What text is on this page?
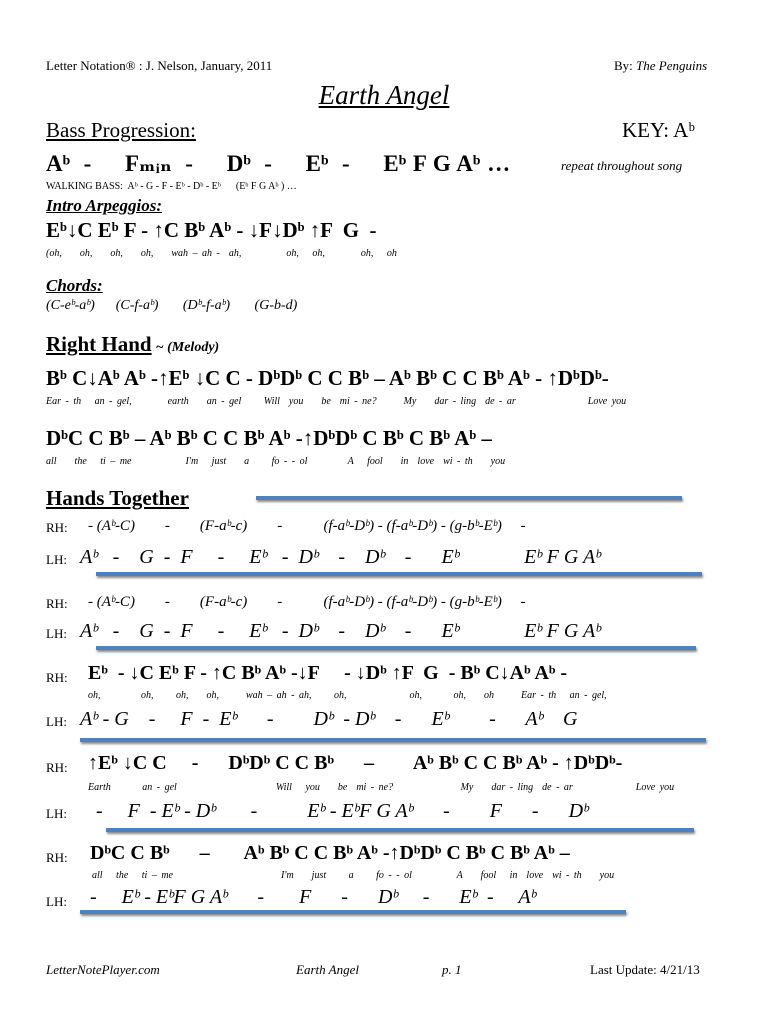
Letter Notation® : J. Nelson, January, 2011	By: The Penguins
Earth Angel
Bass Progression:	KEY: Aᵇ
Aᵇ  -     Fₘᵢₙ  -     Dᵇ  -     Eᵇ  -     Eᵇ F G Aᵇ …	repeat throughout song
WALKING BASS:  Aᵇ - G - F - Eᵇ - Dᵇ - Eᵇ      (Eᵇ F G Aᵇ ) …
Intro Arpeggios:
Eᵇ↓C Eᵇ F - ↑C Bᵇ Aᵇ - ↓F↓Dᵇ ↑F  G  -
(oh,    oh,    oh,    oh,    wah – ah -  ah,          oh,   oh,        oh,   oh
Chords:
(C-eᵇ-aᵇ)      (C-f-aᵇ)       (Dᵇ-f-aᵇ)       (G-b-d)
Right Hand ~ (Melody)
Bᵇ C↓Aᵇ Aᵇ -↑Eᵇ ↓C C - DᵇDᵇ C C Bᵇ – Aᵇ Bᵇ C C Bᵇ Aᵇ - ↑DᵇDᵇ-
Ear - th   an - gel,        earth    an - gel     Will  you    be  mi - ne?      My    dar - ling  de - ar                Love you
DᵇC C Bᵇ – Aᵇ Bᵇ C C Bᵇ Aᵇ -↑DᵇDᵇ C Bᵇ C Bᵇ Aᵇ –
all    the   ti – me            I'm   just    a     fo - - ol         A   fool    in  love  wi - th    you
Hands Together
RH: - (Aᵇ-C)        -        (F-aᵇ-c)        -           (f-aᵇ-Dᵇ) - (f-aᵇ-Dᵇ) - (g-bᵇ-Eᵇ)     -
LH: Aᵇ   -    G  -  F     -     Eᵇ   -  Dᵇ    -    Dᵇ    -      Eᵇ             Eᵇ F G Aᵇ
RH: - (Aᵇ-C)        -        (F-aᵇ-c)        -           (f-aᵇ-Dᵇ) - (f-aᵇ-Dᵇ) - (g-bᵇ-Eᵇ)     -
LH: Aᵇ   -    G  -  F     -     Eᵇ   -  Dᵇ    -    Dᵇ    -      Eᵇ             Eᵇ F G Aᵇ
RH: Eᵇ  - ↓C Eᵇ F - ↑C Bᵇ Aᵇ -↓F     - ↓Dᵇ ↑F  G  - Bᵇ C↓Aᵇ Aᵇ -
oh,         oh,     oh,    oh,      wah – ah - ah,     oh,              oh,       oh,    oh      Ear - th   an - gel,
LH: Aᵇ - G    -     F  -  Eᵇ      -        Dᵇ  - Dᵇ    -      Eᵇ        -      Aᵇ    G
RH: ↑Eᵇ ↓C C     -      DᵇDᵇ C C Bᵇ      –        Aᵇ Bᵇ C C Bᵇ Aᵇ - ↑DᵇDᵇ-
Earth       an - gel                      Will   you    be  mi - ne?               My    dar - ling  de - ar              Love you
LH: -     F  - Eᵇ - Dᵇ       -          Eᵇ - EᵇF G Aᵇ      -        F      -      Dᵇ
RH: DᵇC C Bᵇ      –       Aᵇ Bᵇ C C Bᵇ Aᵇ -↑DᵇDᵇ C Bᵇ C Bᵇ Aᵇ –
all   the   ti – me                        I'm    just     a     fo - - ol          A    fool   in  love  wi - th    you
LH: -     Eᵇ - EᵇF G Aᵇ      -       F      -      Dᵇ     -      Eᵇ  -     Aᵇ
LetterNotePlayer.com	Earth Angel	p. 1	Last Update: 4/21/13
